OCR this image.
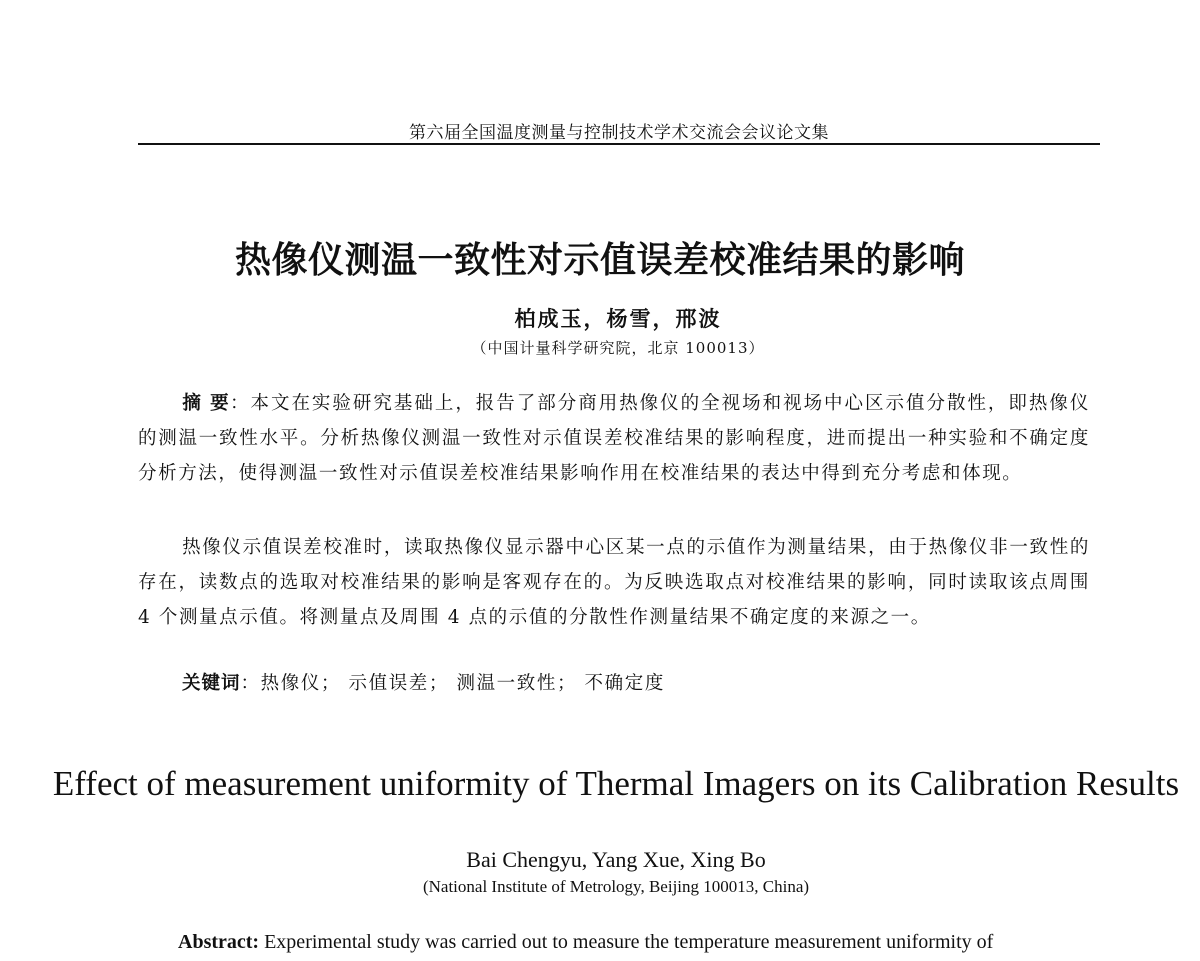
第六届全国温度测量与控制技术学术交流会会议论文集
热像仪测温一致性对示值误差校准结果的影响
柏成玉，杨雪，邢波
（中国计量科学研究院，北京 100013）
摘 要：本文在实验研究基础上，报告了部分商用热像仪的全视场和视场中心区示值分散性，即热像仪的测温一致性水平。分析热像仪测温一致性对示值误差校准结果的影响程度，进而提出一种实验和不确定度分析方法，使得测温一致性对示值误差校准结果影响作用在校准结果的表达中得到充分考虑和体现。
热像仪示值误差校准时，读取热像仪显示器中心区某一点的示值作为测量结果，由于热像仪非一致性的存在，读数点的选取对校准结果的影响是客观存在的。为反映选取点对校准结果的影响，同时读取该点周围 4 个测量点示值。将测量点及周围 4 点的示值的分散性作测量结果不确定度的来源之一。
关键词：热像仪； 示值误差； 测温一致性； 不确定度
Effect of measurement uniformity of Thermal Imagers on its Calibration Results
Bai Chengyu, Yang Xue, Xing Bo
(National Institute of Metrology, Beijing 100013, China)
Abstract: Experimental study was carried out to measure the temperature measurement uniformity of
